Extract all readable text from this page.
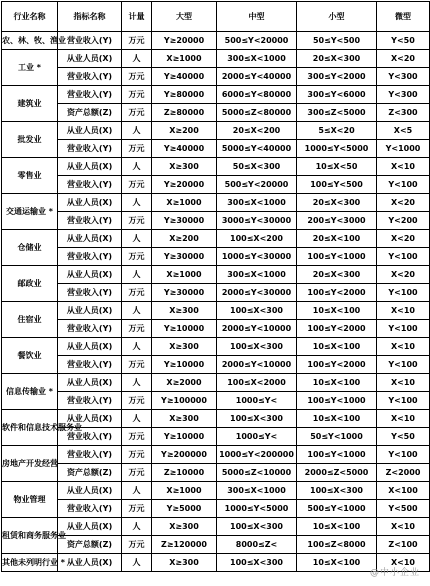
行业名称	指标名称	计量	大型	中型	小型	微型
农、林、牧、渔业	营业收入(Y)	万元	Y≥20000	500≤Y<20000	50≤Y<500	Y<50
工业 *	从业人员(X)	人	X≥1000	300≤X<1000	20≤X<300	X<20
	营业收入(Y)	万元	Y≥40000	2000≤Y<40000	300≤Y<2000	Y<300
建筑业	营业收入(Y)	万元	Y≥80000	6000≤Y<80000	300≤Y<6000	Y<300
	资产总额(Z)	万元	Z≥80000	5000≤Z<80000	300≤Z<5000	Z<300
批发业	从业人员(X)	人	X≥200	20≤X<200	5≤X<20	X<5
	营业收入(Y)	万元	Y≥40000	5000≤Y<40000	1000≤Y<5000	Y<1000
零售业	从业人员(X)	人	X≥300	50≤X<300	10≤X<50	X<10
	营业收入(Y)	万元	Y≥20000	500≤Y<20000	100≤Y<500	Y<100
交通运输业 *	从业人员(X)	人	X≥1000	300≤X<1000	20≤X<300	X<20
	营业收入(Y)	万元	Y≥30000	3000≤Y<30000	200≤Y<3000	Y<200
仓储业	从业人员(X)	人	X≥200	100≤X<200	20≤X<100	X<20
	营业收入(Y)	万元	Y≥30000	1000≤Y<30000	100≤Y<1000	Y<100
邮政业	从业人员(X)	人	X≥1000	300≤X<1000	20≤X<300	X<20
	营业收入(Y)	万元	Y≥30000	2000≤Y<30000	100≤Y<2000	Y<100
住宿业	从业人员(X)	人	X≥300	100≤X<300	10≤X<100	X<10
	营业收入(Y)	万元	Y≥10000	2000≤Y<10000	100≤Y<2000	Y<100
餐饮业	从业人员(X)	人	X≥300	100≤X<300	10≤X<100	X<10
	营业收入(Y)	万元	Y≥10000	2000≤Y<10000	100≤Y<2000	Y<100
信息传输业 *	从业人员(X)	人	X≥2000	100≤X<2000	10≤X<100	X<10
	营业收入(Y)	万元	Y≥100000	1000≤Y<	100≤Y<1000	Y<100
软件和信息技术服务业	从业人员(X)	人	X≥300	100≤X<300	10≤X<100	X<10
	营业收入(Y)	万元	Y≥10000	1000≤Y<	50≤Y<1000	Y<50
房地产开发经营	营业收入(Y)	万元	Y≥200000	1000≤Y<200000	100≤Y<1000	Y<100
	资产总额(Z)	万元	Z≥10000	5000≤Z<10000	2000≤Z<5000	Z<2000
物业管理	从业人员(X)	人	X≥1000	300≤X<1000	100≤X<300	X<100
	营业收入(Y)	万元	Y≥5000	1000≤Y<5000	500≤Y<1000	Y<500
租赁和商务服务业	从业人员(X)	人	X≥300	100≤X<300	10≤X<100	X<10
	资产总额(Z)	万元	Z≥120000	8000≤Z<	100≤Z<8000	Z<100
其他未列明行业 *	从业人员(X)	人	X≥300	100≤X<300	10≤X<100	X<10
@中小企业
